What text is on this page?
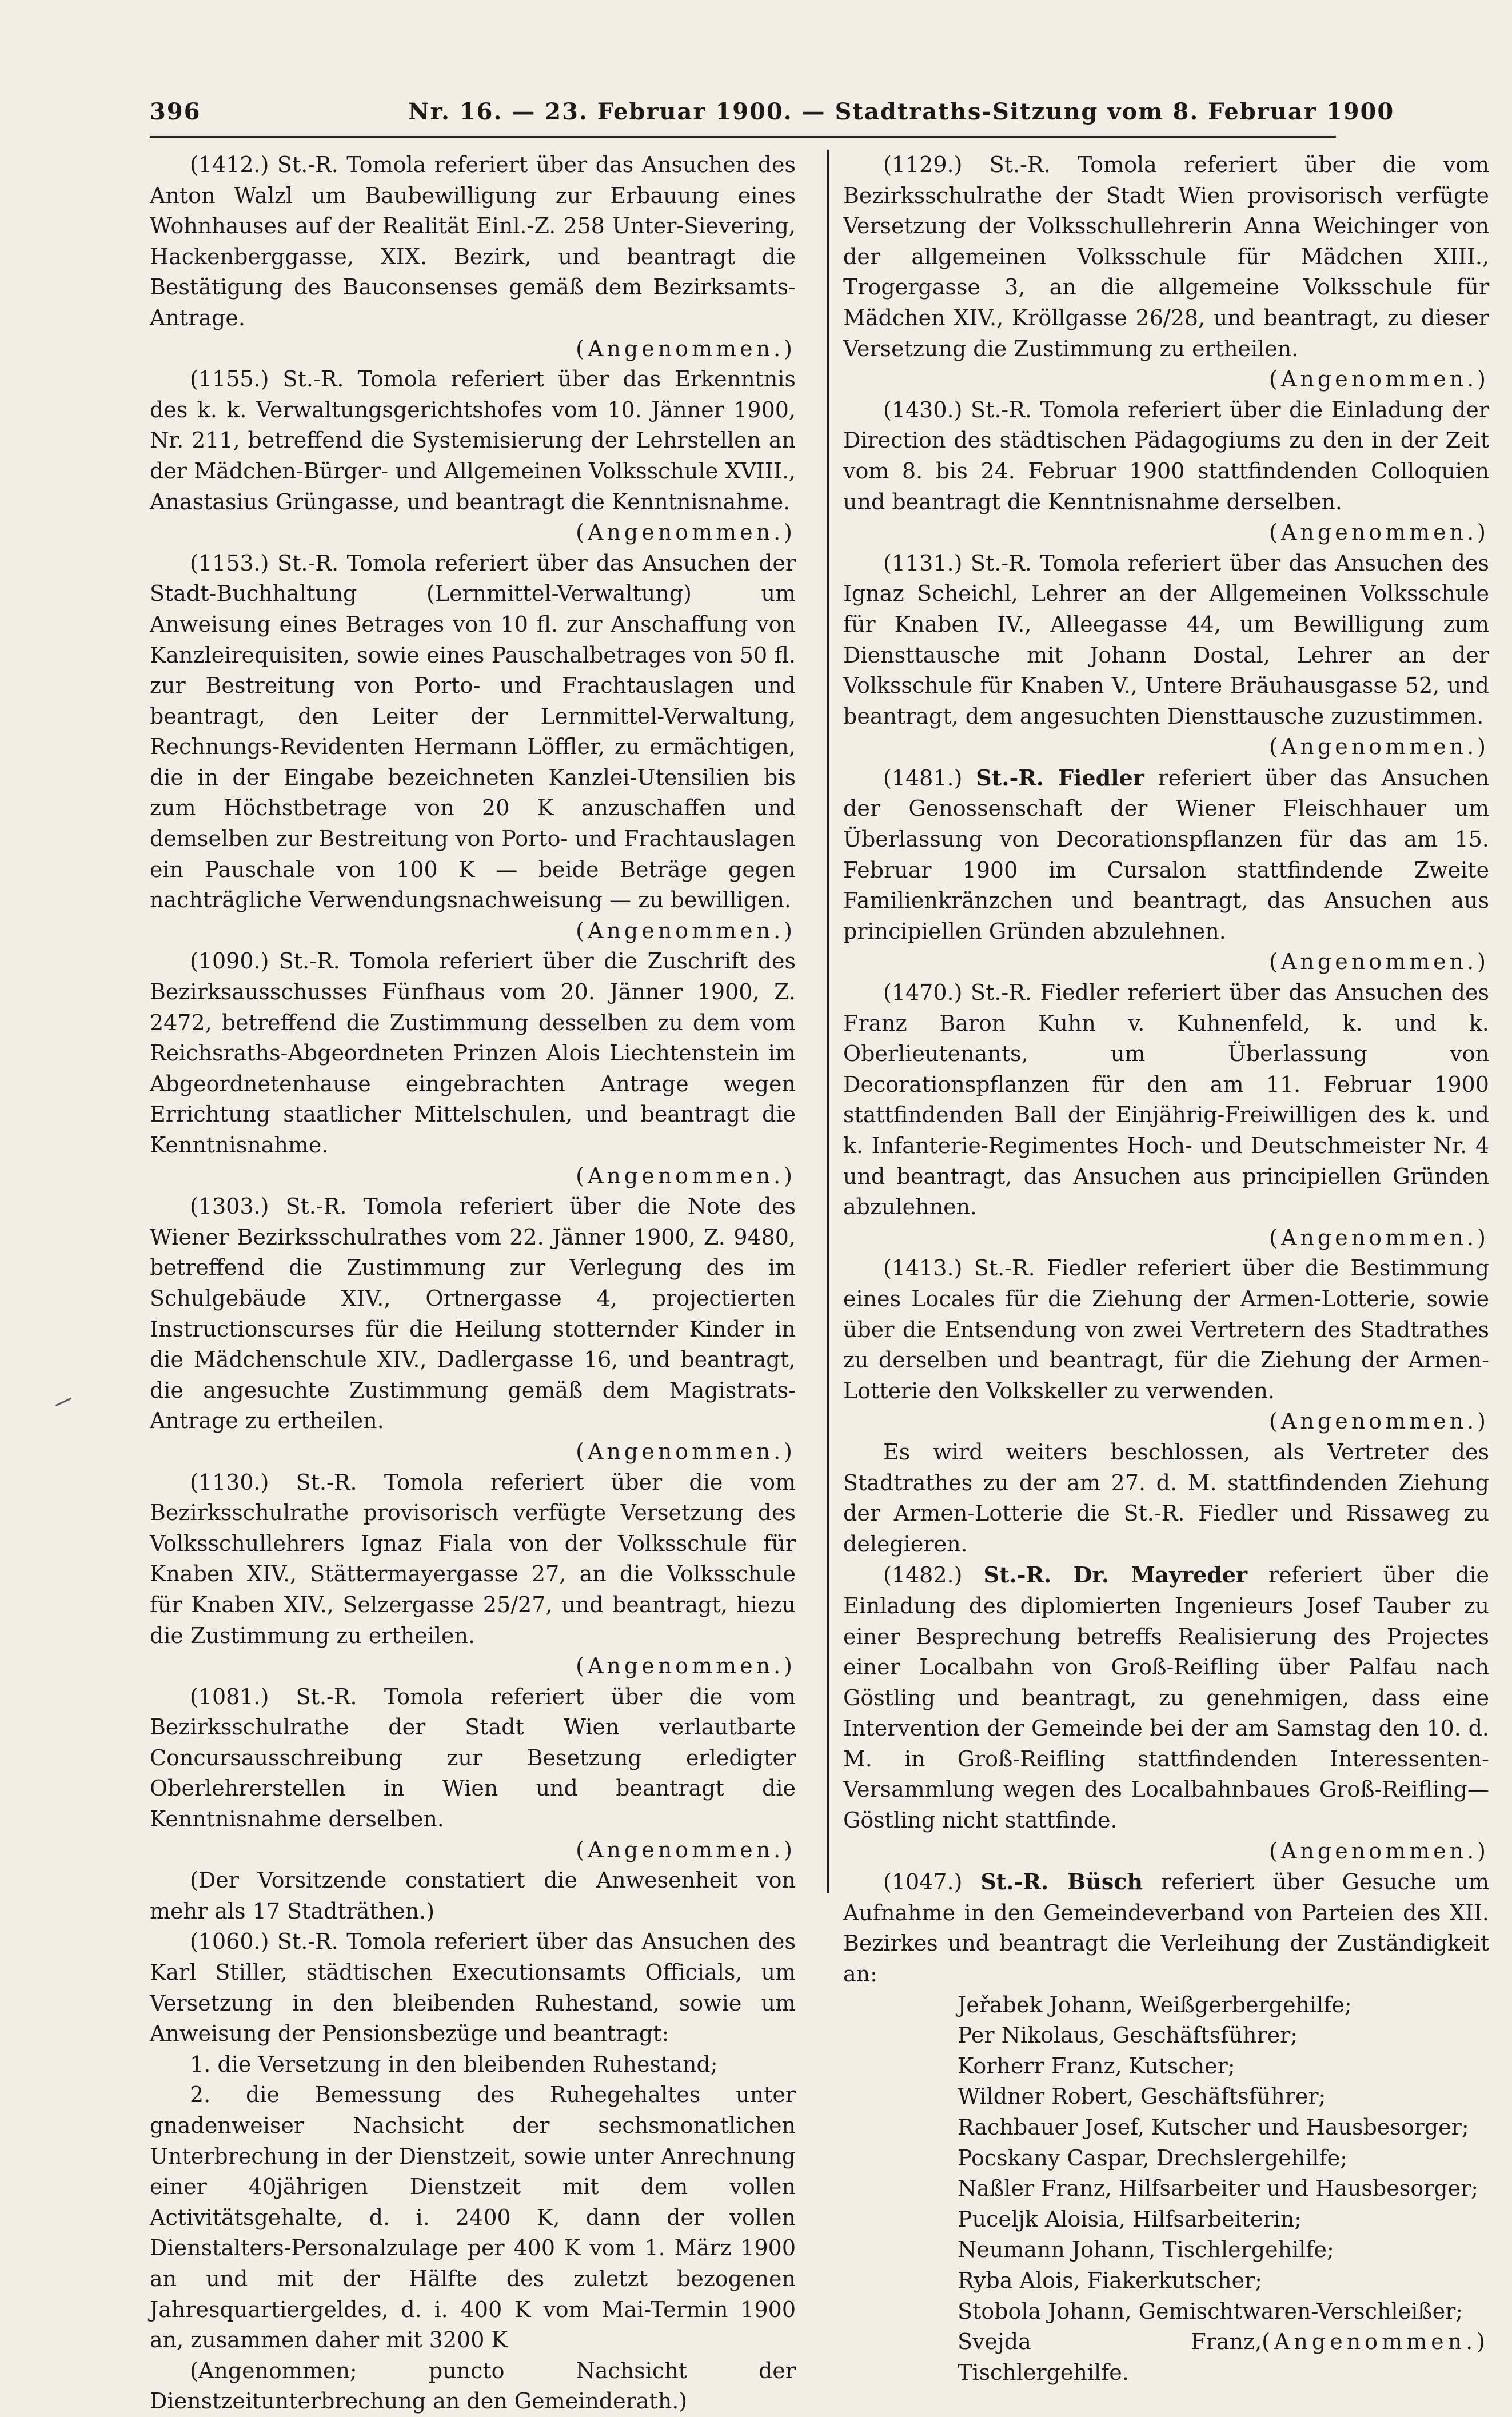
396	Nr. 16. — 23. Februar 1900. — Stadtraths-Sitzung vom 8. Februar 1900

(1412.) St.-R. Tomola referiert über das Ansuchen des Anton Walzl um Baubewilligung zur Erbauung eines Wohnhauses auf der Realität Einl.-Z. 258 Unter-Sievering, Hackenberggasse, XIX. Bezirk, und beantragt die Bestätigung des Bauconsenses gemäß dem Bezirksamts-Antrage.
(Angenommen.)

(1155.) St.-R. Tomola referiert über das Erkenntnis des k. k. Verwaltungsgerichtshofes vom 10. Jänner 1900, Nr. 211, betreffend die Systemisierung der Lehrstellen an der Mädchen-Bürger- und Allgemeinen Volksschule XVIII., Anastasius Grüngasse, und beantragt die Kenntnisnahme.
(Angenommen.)

(1153.) St.-R. Tomola referiert über das Ansuchen der Stadt-Buchhaltung (Lernmittel-Verwaltung) um Anweisung eines Betrages von 10 fl. zur Anschaffung von Kanzleirequisiten, sowie eines Pauschalbetrages von 50 fl. zur Bestreitung von Porto- und Frachtauslagen und beantragt, den Leiter der Lernmittel-Verwaltung, Rechnungs-Revidenten Hermann Löffler, zu ermächtigen, die in der Eingabe bezeichneten Kanzlei-Utensilien bis zum Höchstbetrage von 20 K anzuschaffen und demselben zur Bestreitung von Porto- und Frachtauslagen ein Pauschale von 100 K — beide Beträge gegen nachträgliche Verwendungsnachweisung — zu bewilligen.
(Angenommen.)

(1090.) St.-R. Tomola referiert über die Zuschrift des Bezirksausschusses Fünfhaus vom 20. Jänner 1900, Z. 2472, betreffend die Zustimmung desselben zu dem vom Reichsraths-Abgeordneten Prinzen Alois Liechtenstein im Abgeordnetenhause eingebrachten Antrage wegen Errichtung staatlicher Mittelschulen, und beantragt die Kenntnisnahme.
(Angenommen.)

(1303.) St.-R. Tomola referiert über die Note des Wiener Bezirksschulrathes vom 22. Jänner 1900, Z. 9480, betreffend die Zustimmung zur Verlegung des im Schulgebäude XIV., Ortnergasse 4, projectierten Instructionscurses für die Heilung stotternder Kinder in die Mädchenschule XIV., Dadlergasse 16, und beantragt, die angesuchte Zustimmung gemäß dem Magistrats-Antrage zu ertheilen.
(Angenommen.)

(1130.) St.-R. Tomola referiert über die vom Bezirksschulrathe provisorisch verfügte Versetzung des Volksschullehrers Ignaz Fiala von der Volksschule für Knaben XIV., Stättermayergasse 27, an die Volksschule für Knaben XIV., Selzergasse 25/27, und beantragt, hiezu die Zustimmung zu ertheilen.
(Angenommen.)

(1081.) St.-R. Tomola referiert über die vom Bezirksschulrathe der Stadt Wien verlautbarte Concursausschreibung zur Besetzung erledigter Oberlehrerstellen in Wien und beantragt die Kenntnisnahme derselben.
(Angenommen.)

(Der Vorsitzende constatiert die Anwesenheit von mehr als 17 Stadträthen.)

(1060.) St.-R. Tomola referiert über das Ansuchen des Karl Stiller, städtischen Executionsamts Officials, um Versetzung in den bleibenden Ruhestand, sowie um Anweisung der Pensionsbezüge und beantragt:

1. die Versetzung in den bleibenden Ruhestand;
2. die Bemessung des Ruhegehaltes unter gnadenweiser Nachsicht der sechsmonatlichen Unterbrechung in der Dienstzeit, sowie unter Anrechnung einer 40jährigen Dienstzeit mit dem vollen Activitätsgehalte, d. i. 2400 K, dann der vollen Dienstalters-Personalzulage per 400 K vom 1. März 1900 an und mit der Hälfte des zuletzt bezogenen Jahresquartiergeldes, d. i. 400 K vom Mai-Termin 1900 an, zusammen daher mit 3200 K

(Angenommen; puncto Nachsicht der Dienstzeitunterbrechung an den Gemeinderath.)

(1129.) St.-R. Tomola referiert über die vom Bezirksschulrathe der Stadt Wien provisorisch verfügte Versetzung der Volksschullehrerin Anna Weichinger von der allgemeinen Volksschule für Mädchen XIII., Trogergasse 3, an die allgemeine Volksschule für Mädchen XIV., Kröllgasse 26/28, und beantragt, zu dieser Versetzung die Zustimmung zu ertheilen.
(Angenommen.)

(1430.) St.-R. Tomola referiert über die Einladung der Direction des städtischen Pädagogiums zu den in der Zeit vom 8. bis 24. Februar 1900 stattfindenden Colloquien und beantragt die Kenntnisnahme derselben.
(Angenommen.)

(1131.) St.-R. Tomola referiert über das Ansuchen des Ignaz Scheichl, Lehrer an der Allgemeinen Volksschule für Knaben IV., Alleegasse 44, um Bewilligung zum Diensttausche mit Johann Dostal, Lehrer an der Volksschule für Knaben V., Untere Bräuhausgasse 52, und beantragt, dem angesuchten Diensttausche zuzustimmen.
(Angenommen.)

(1481.) St.-R. Fiedler referiert über das Ansuchen der Genossenschaft der Wiener Fleischhauer um Überlassung von Decorationspflanzen für das am 15. Februar 1900 im Cursalon stattfindende Zweite Familienkränzchen und beantragt, das Ansuchen aus principiellen Gründen abzulehnen.
(Angenommen.)

(1470.) St.-R. Fiedler referiert über das Ansuchen des Franz Baron Kuhn v. Kuhnenfeld, k. und k. Oberlieutenants, um Überlassung von Decorationspflanzen für den am 11. Februar 1900 stattfindenden Ball der Einjährig-Freiwilligen des k. und k. Infanterie-Regimentes Hoch- und Deutschmeister Nr. 4 und beantragt, das Ansuchen aus principiellen Gründen abzulehnen.
(Angenommen.)

(1413.) St.-R. Fiedler referiert über die Bestimmung eines Locales für die Ziehung der Armen-Lotterie, sowie über die Entsendung von zwei Vertretern des Stadtrathes zu derselben und beantragt, für die Ziehung der Armen-Lotterie den Volkskeller zu verwenden.
(Angenommen.)

Es wird weiters beschlossen, als Vertreter des Stadtrathes zu der am 27. d. M. stattfindenden Ziehung der Armen-Lotterie die St.-R. Fiedler und Rissaweg zu delegieren.

(1482.) St.-R. Dr. Mayreder referiert über die Einladung des diplomierten Ingenieurs Josef Tauber zu einer Besprechung betreffs Realisierung des Projectes einer Localbahn von Groß-Reifling über Palfau nach Göstling und beantragt, zu genehmigen, dass eine Intervention der Gemeinde bei der am Samstag den 10. d. M. in Groß-Reifling stattfindenden Interessenten-Versammlung wegen des Localbahnbaues Groß-Reifling—Göstling nicht stattfinde.
(Angenommen.)

(1047.) St.-R. Büsch referiert über Gesuche um Aufnahme in den Gemeindeverband von Parteien des XII. Bezirkes und beantragt die Verleihung der Zuständigkeit an:

Jeřabek Johann, Weißgerbergehilfe;
Per Nikolaus, Geschäftsführer;
Korherr Franz, Kutscher;
Wildner Robert, Geschäftsführer;
Rachbauer Josef, Kutscher und Hausbesorger;
Pocskany Caspar, Drechslergehilfe;
Naßler Franz, Hilfsarbeiter und Hausbesorger;
Puceljk Aloisia, Hilfsarbeiterin;
Neumann Johann, Tischlergehilfe;
Ryba Alois, Fiakerkutscher;
Stobola Johann, Gemischtwaren-Verschleißer;
Svejda Franz, Tischlergehilfe.
(Angenommen.)
